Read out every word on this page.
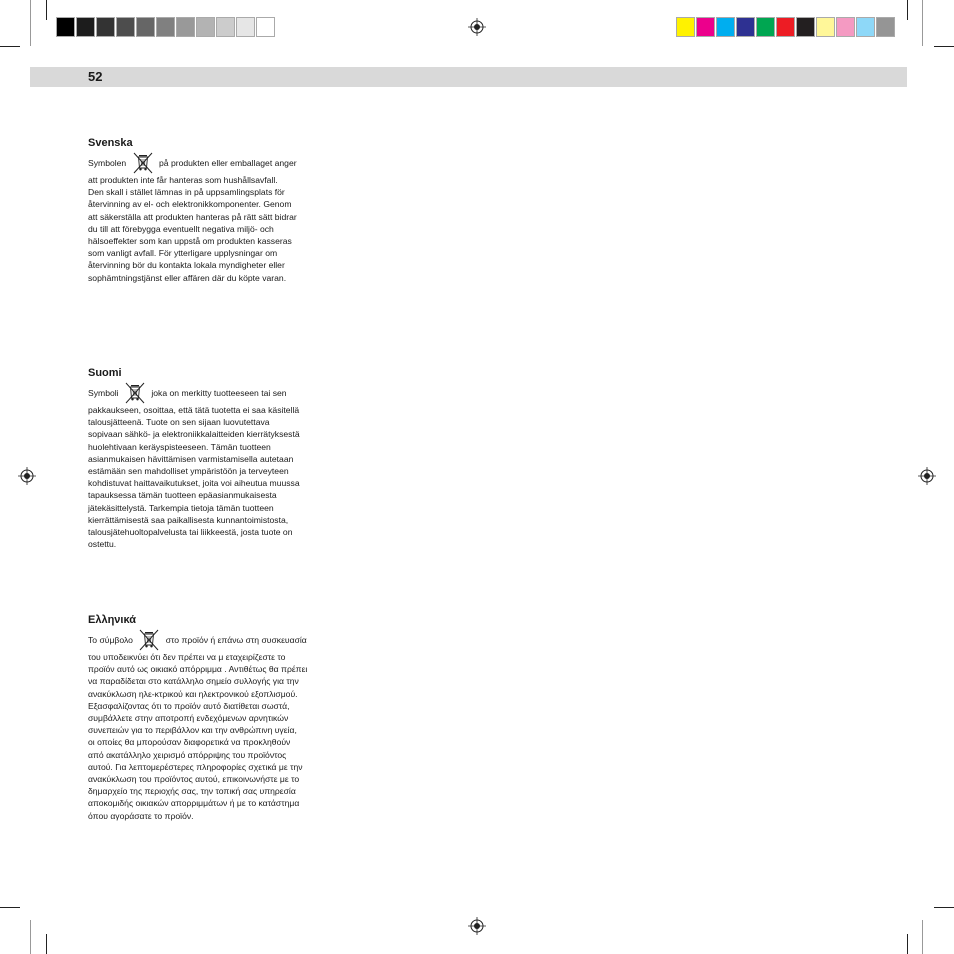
52
Svenska

Symbolen	på produkten eller emballaget anger
att produkten inte får hanteras som hushållsavfall.
Den skall i stället lämnas in på uppsamlingsplats för
återvinning av el- och elektronikkomponenter. Genom
att säkerställa att produkten hanteras på rätt sätt bidrar
du till att förebygga eventuellt negativa miljö- och
hälsoeffekter som kan uppstå om produkten kasseras
som vanligt avfall. För ytterligare upplysningar om
återvinning bör du kontakta lokala myndigheter eller
sophämtningstjänst eller affären där du köpte varan.

Suomi

Symboli	joka on merkitty tuotteeseen tai sen
pakkaukseen, osoittaa, että tätä tuotetta ei saa käsitellä
talousjätteenä. Tuote on sen sijaan luovutettava
sopivaan sähkö- ja elektroniikkalaitteiden kierrätyksestä
huolehtivaan keräyspisteeseen. Tämän tuotteen
asianmukaisen hävittämisen varmistamisella autetaan
estämään sen mahdolliset ympäristöön ja terveyteen
kohdistuvat haittavaikutukset, joita voi aiheutua muussa
tapauksessa tämän tuotteen epäasianmukaisesta
jätekäsittelystä. Tarkempia tietoja tämän tuotteen
kierrättämisestä saa paikallisesta kunnantoimistosta,
talousjätehuoltopalvelusta tai liikkeestä, josta tuote on
ostettu.

Ελληνικά

Το σύμβολο	στο προϊόν ή επάνω στη συσκευασία
του υποδεικνύει ότι δεν πρέπει να μ εταχειρίζεστε το
προϊόν αυτό ως οικιακό απόρριμμα . Αντιθέτως θα πρέπει
να παραδίδεται στο κατάλληλο σημείο συλλογής για την
ανακύκλωση ηλε-κτρικού και ηλεκτρονικού εξοπλισμού.
Εξασφαλίζοντας ότι το προϊόν αυτό διατίθεται σωστά,
συμβάλλετε στην αποτροπή ενδεχόμενων αρνητικών
συνεπειών για το περιβάλλον και την ανθρώπινη υγεία,
οι οποίες θα μπορούσαν διαφορετικά να προκληθούν
από ακατάλληλο χειρισμό απόρριψης του προϊόντος
αυτού. Για λεπτομερέστερες πληροφορίες σχετικά με την
ανακύκλωση του προϊόντος αυτού, επικοινωνήστε με το
δημαρχείο της περιοχής σας, την τοπική σας υπηρεσία
αποκομιδής οικιακών απορριμμάτων ή με το κατάστημα
όπου αγοράσατε το προϊόν.
